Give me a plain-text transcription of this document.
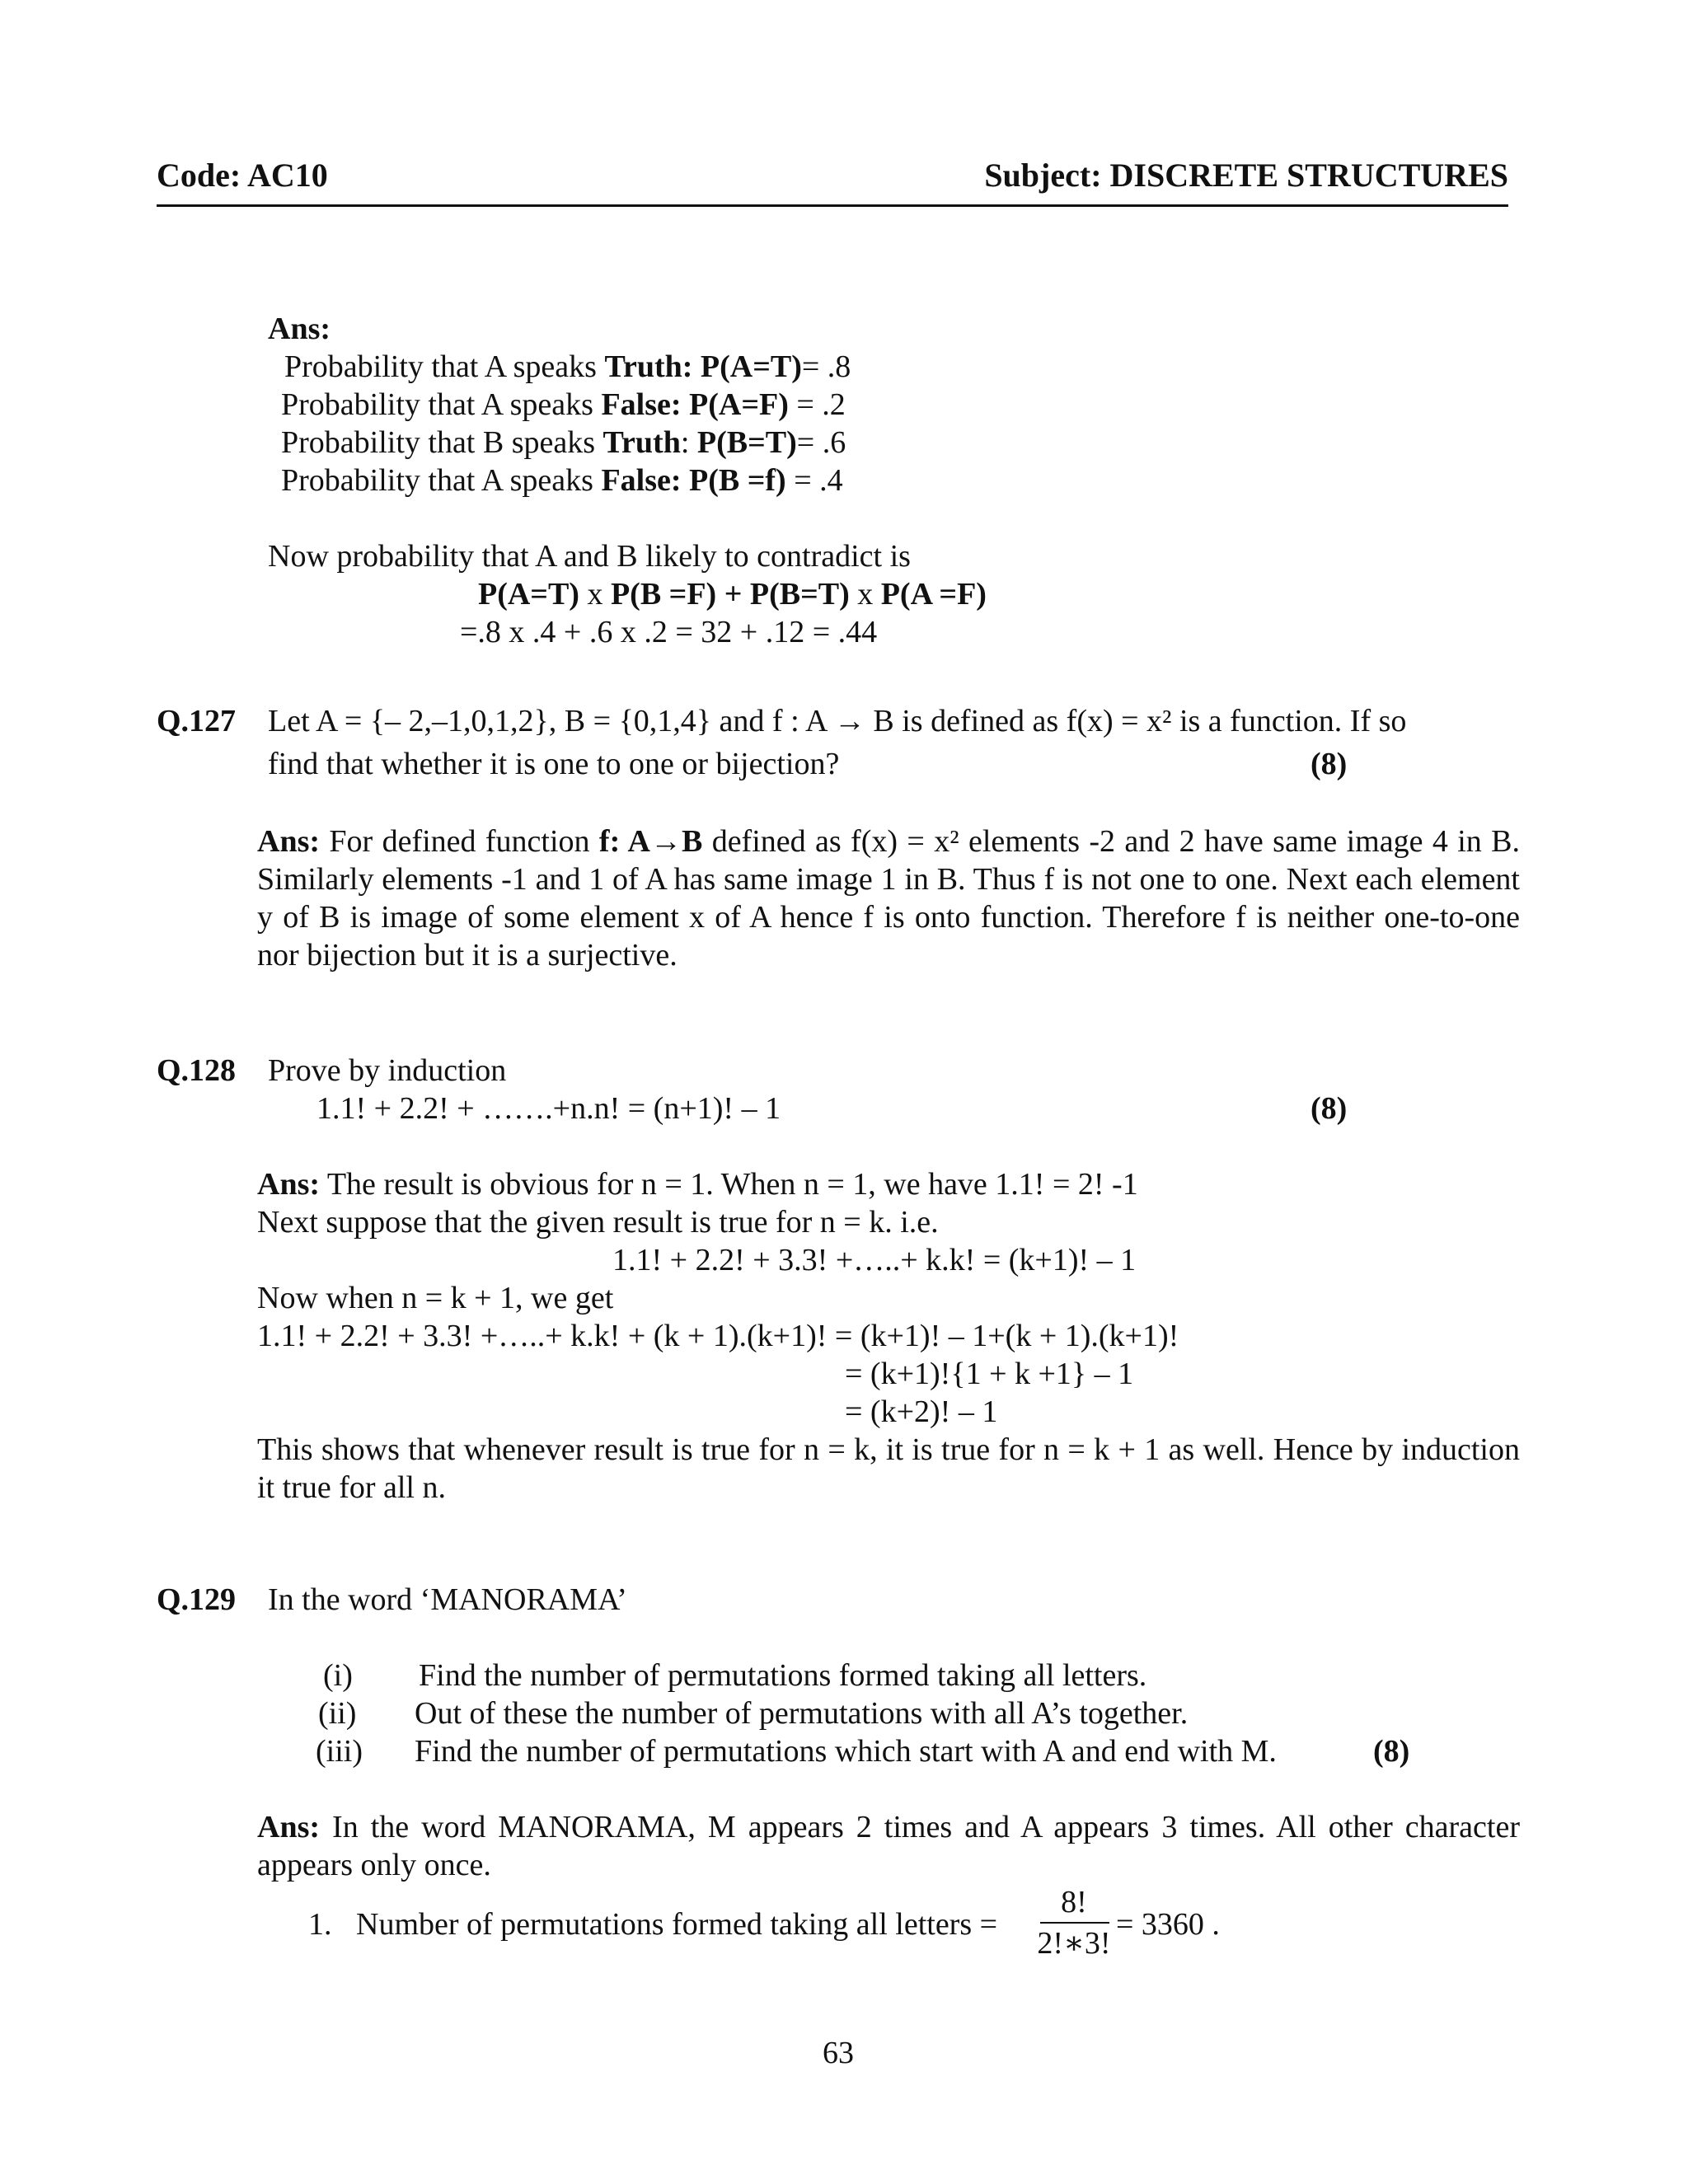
Code: AC10	Subject: DISCRETE STRUCTURES
Ans:
Probability that A speaks Truth: P(A=T)= .8
Probability that A speaks False: P(A=F) = .2
Probability that B speaks Truth: P(B=T)= .6
Probability that A speaks False: P(B =f) = .4
Now probability that A and B likely to contradict is
P(A=T) x P(B =F) + P(B=T) x P(A =F)
=.8 x .4 + .6 x .2 = 32 + .12 = .44
Q.127 Let A = {– 2,–1,0,1,2}, B = {0,1,4} and f : A → B is defined as f(x) = x² is a function. If so
find that whether it is one to one or bijection?	(8)
Ans: For defined function f: A→B defined as f(x) = x² elements -2 and 2 have same image 4 in B. Similarly elements -1 and 1 of A has same image 1 in B. Thus f is not one to one. Next each element y of B is image of some element x of A hence f is onto function. Therefore f is neither one-to-one nor bijection but it is a surjective.
Q.128 Prove by induction
1.1! + 2.2! + …….+n.n! = (n+1)! – 1	(8)
Ans: The result is obvious for n = 1. When n = 1, we have 1.1! = 2! -1
Next suppose that the given result is true for n = k. i.e.
1.1! + 2.2! + 3.3! +…..+ k.k! = (k+1)! – 1
Now when n = k + 1, we get
1.1! + 2.2! + 3.3! +…..+ k.k! + (k + 1).(k+1)! = (k+1)! – 1+(k + 1).(k+1)!
= (k+1)!{1 + k +1} – 1
= (k+2)! – 1
This shows that whenever result is true for n = k, it is true for n = k + 1 as well. Hence by induction it true for all n.
Q.129 In the word ‘MANORAMA’
(i) Find the number of permutations formed taking all letters.
(ii) Out of these the number of permutations with all A’s together.
(iii) Find the number of permutations which start with A and end with M.	(8)
Ans: In the word MANORAMA, M appears 2 times and A appears 3 times. All other character appears only once.
1. Number of permutations formed taking all letters =
8!
2!∗3!
= 3360 .
63
